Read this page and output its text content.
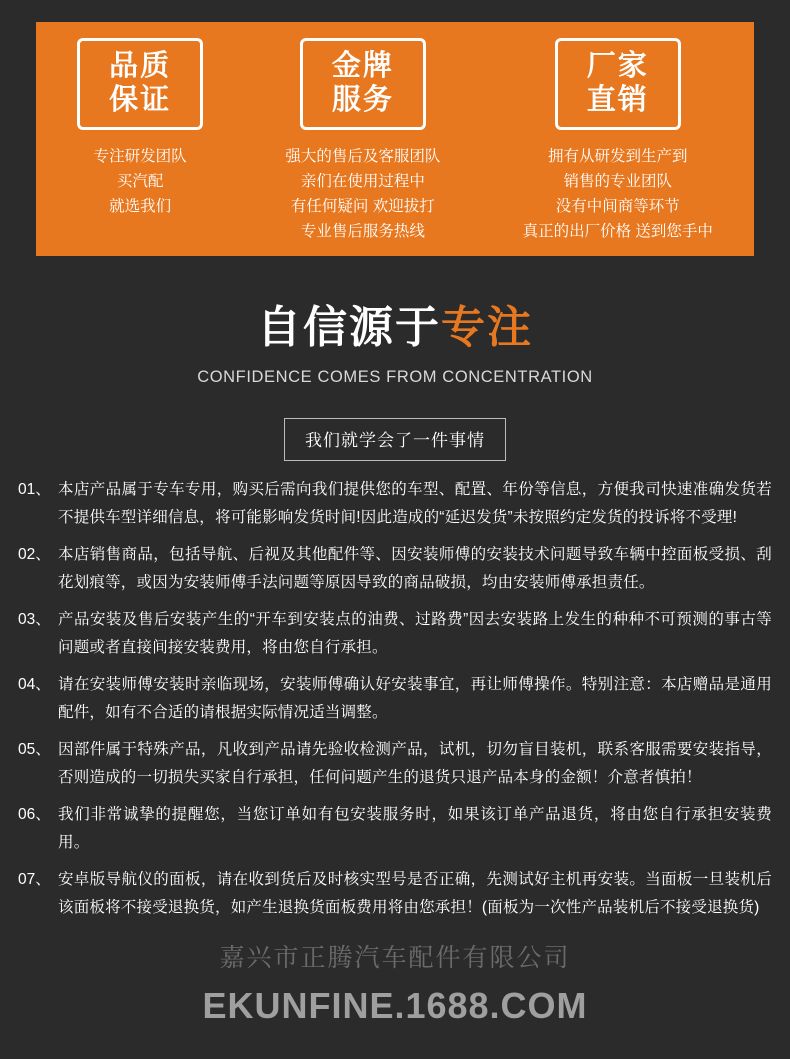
品质
保证
专注研发团队
买汽配
就选我们
金牌
服务
强大的售后及客服团队
亲们在使用过程中
有任何疑问 欢迎拔打
专业售后服务热线
厂家
直销
拥有从研发到生产到
销售的专业团队
没有中间商等环节
真正的出厂价格 送到您手中
自信源于专注
CONFIDENCE COMES FROM CONCENTRATION
我们就学会了一件事情
01、 本店产品属于专车专用，购买后需向我们提供您的车型、配置、年份等信息，方便我司快速准确发货若不提供车型详细信息，将可能影响发货时间!因此造成的“延迟发货”未按照约定发货的投诉将不受理!
02、 本店销售商品，包括导航、后视及其他配件等、因安装师傅的安装技术问题导致车辆中控面板受损、刮花划痕等，或因为安装师傅手法问题等原因导致的商品破损，均由安装师傅承担责任。
03、 产品安装及售后安装产生的“开车到安装点的油费、过路费”因去安装路上发生的种种不可预测的事古等问题或者直接间接安装费用，将由您自行承担。
04、 请在安装师傅安装时亲临现场，安装师傅确认好安装事宜，再让师傅操作。特别注意：本店赠品是通用配件，如有不合适的请根据实际情况适当调整。
05、 因部件属于特殊产品，凡收到产品请先验收检测产品，试机，切勿盲目装机，联系客服需要安装指导，否则造成的一切损失买家自行承担，任何问题产生的退货只退产品本身的金额！介意者慎拍！
06、 我们非常诚挚的提醒您，当您订单如有包安装服务时，如果该订单产品退货，将由您自行承担安装费用。
07、 安卓版导航仪的面板，请在收到货后及时核实型号是否正确，先测试好主机再安装。当面板一旦装机后该面板将不接受退换货，如产生退换货面板费用将由您承担！(面板为一次性产品装机后不接受退换货)
嘉兴市正腾汽车配件有限公司
EKUNFINE.1688.COM
